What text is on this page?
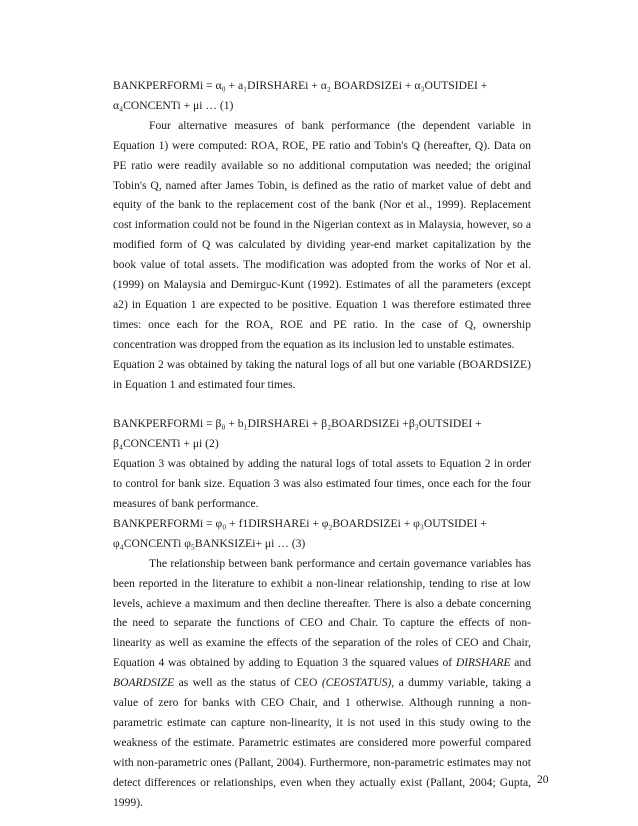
BANKPERFORMi = α₀ + a₁DIRSHAREi + α₂ BOARDSIZEi + α₃OUTSIDEI + α₄CONCENTi + μi … (1)

Four alternative measures of bank performance (the dependent variable in Equation 1) were computed: ROA, ROE, PE ratio and Tobin's Q (hereafter, Q). Data on PE ratio were readily available so no additional computation was needed; the original Tobin's Q, named after James Tobin, is defined as the ratio of market value of debt and equity of the bank to the replacement cost of the bank (Nor et al., 1999). Replacement cost information could not be found in the Nigerian context as in Malaysia, however, so a modified form of Q was calculated by dividing year-end market capitalization by the book value of total assets. The modification was adopted from the works of Nor et al. (1999) on Malaysia and Demirguc-Kunt (1992). Estimates of all the parameters (except a2) in Equation 1 are expected to be positive. Equation 1 was therefore estimated three times: once each for the ROA, ROE and PE ratio. In the case of Q, ownership concentration was dropped from the equation as its inclusion led to unstable estimates.

Equation 2 was obtained by taking the natural logs of all but one variable (BOARDSIZE) in Equation 1 and estimated four times.

BANKPERFORMi = β₀ + b₁DIRSHAREi + β₂BOARDSIZEi +β₃OUTSIDEI + β₄CONCENTi + μi (2)

Equation 3 was obtained by adding the natural logs of total assets to Equation 2 in order to control for bank size. Equation 3 was also estimated four times, once each for the four measures of bank performance.

BANKPERFORMi = φ₀ + f1DIRSHAREi + φ₂BOARDSIZEi + φ₃OUTSIDEI + φ₄CONCENTi φ₅BANKSIZEi+ μi … (3)

The relationship between bank performance and certain governance variables has been reported in the literature to exhibit a non-linear relationship, tending to rise at low levels, achieve a maximum and then decline thereafter. There is also a debate concerning the need to separate the functions of CEO and Chair. To capture the effects of non-linearity as well as examine the effects of the separation of the roles of CEO and Chair, Equation 4 was obtained by adding to Equation 3 the squared values of DIRSHARE and BOARDSIZE as well as the status of CEO (CEOSTATUS), a dummy variable, taking a value of zero for banks with CEO Chair, and 1 otherwise. Although running a non-parametric estimate can capture non-linearity, it is not used in this study owing to the weakness of the estimate. Parametric estimates are considered more powerful compared with non-parametric ones (Pallant, 2004). Furthermore, non-parametric estimates may not detect differences or relationships, even when they actually exist (Pallant, 2004; Gupta, 1999).

20
